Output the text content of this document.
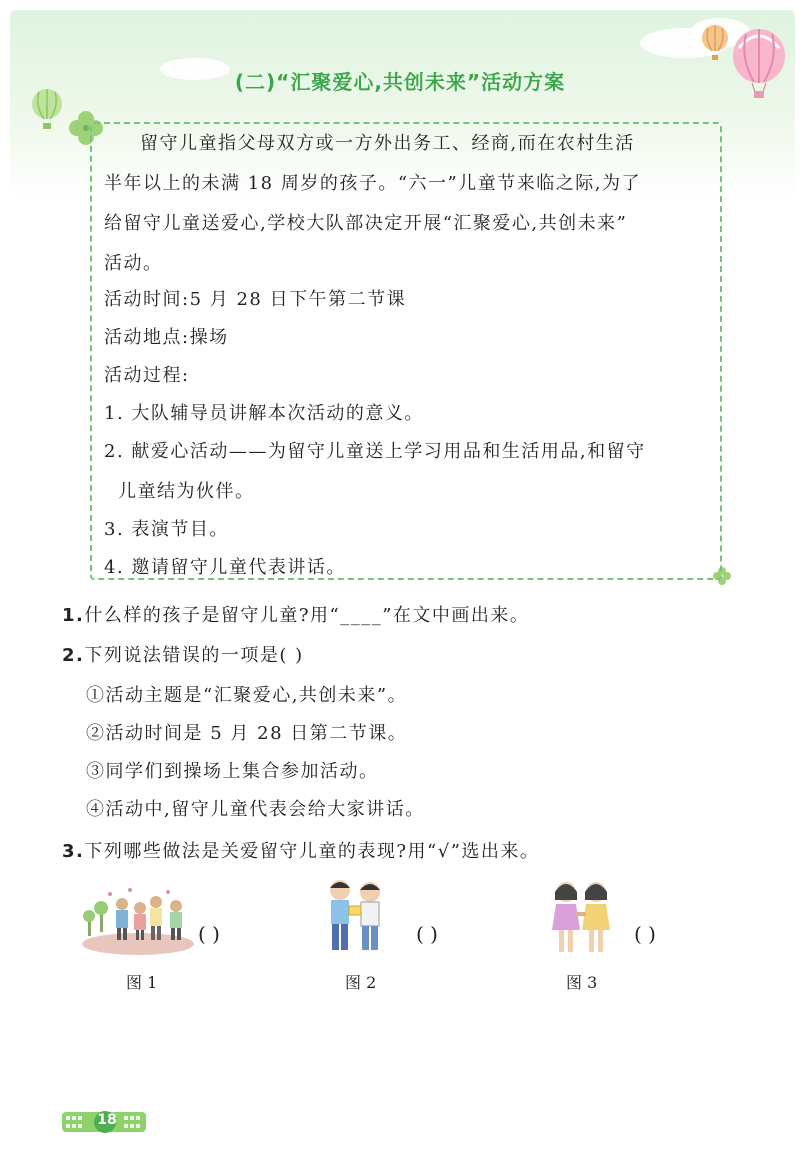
(二)“汇聚爱心,共创未来”活动方案
留守儿童指父母双方或一方外出务工、经商,而在农村生活
半年以上的未满 18 周岁的孩子。“六一”儿童节来临之际,为了
给留守儿童送爱心,学校大队部决定开展“汇聚爱心,共创未来”
活动。
活动时间:5 月 28 日下午第二节课
活动地点:操场
活动过程:
1. 大队辅导员讲解本次活动的意义。
2. 献爱心活动——为留守儿童送上学习用品和生活用品,和留守
儿童结为伙伴。
3. 表演节目。
4. 邀请留守儿童代表讲话。
1.什么样的孩子是留守儿童?用“____”在文中画出来。
2.下列说法错误的一项是( )
①活动主题是“汇聚爱心,共创未来”。
②活动时间是 5 月 28 日第二节课。
③同学们到操场上集合参加活动。
④活动中,留守儿童代表会给大家讲话。
3.下列哪些做法是关爱留守儿童的表现?用“√”选出来。
( )	( )	( )
图 1	图 2	图 3
18
